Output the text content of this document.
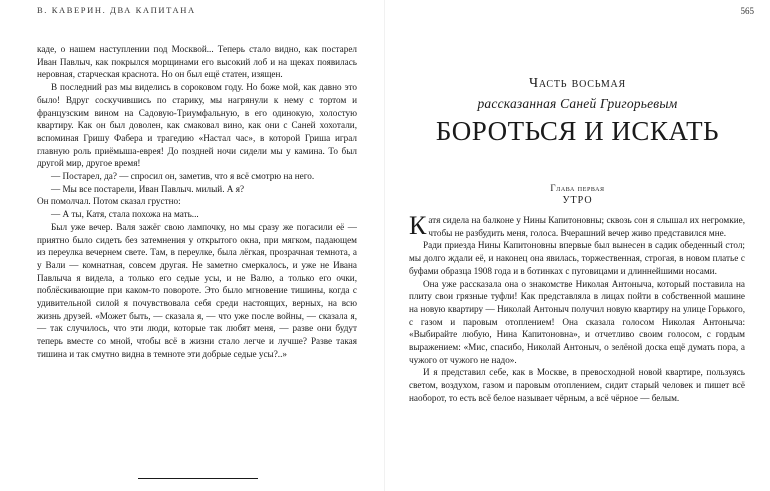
В. КАВЕРИН. ДВА КАПИТАНА

каде, о нашем наступлении под Москвой... Теперь стало видно, как постарел Иван Павлыч, как покрылся морщинами его высокий лоб и на щеках появилась неровная, старческая краснота. Но он был ещё статен, изящен.

В последний раз мы виделись в сороковом году. Но боже мой, как давно это было! Вдруг соскучившись по старику, мы нагрянули к нему с тортом и французским вином на Садовую-Триумфальную, в его одинокую, холостую квартиру. Как он был доволен, как смаковал вино, как они с Саней хохотали, вспоминая Гришу Фабера и трагедию «Настал час», в которой Гриша играл главную роль приёмыша-еврея! До поздней ночи сидели мы у камина. То был другой мир, другое время!

— Постарел, да? — спросил он, заметив, что я всё смотрю на него.

— Мы все постарели, Иван Павлыч. милый. А я?

Он помолчал. Потом сказал грустно:

— А ты, Катя, стала похожа на мать...

Был уже вечер. Валя зажёг свою лампочку, но мы сразу же погасили её — приятно было сидеть без затемнения у открытого окна, при мягком, падающем из переулка вечернем свете. Там, в переулке, была лёгкая, прозрачная темнота, а у Вали — комнатная, совсем другая. Не заметно смеркалось, и уже не Ивана Павлыча я видела, а только его седые усы, и не Валю, а только его очки, поблёскивающие при каком-то повороте. Это было мгновение тишины, когда с удивительной силой я почувствовала себя среди настоящих, верных, на всю жизнь друзей. «Может быть, — сказала я, — что уже после войны, — сказала я, — так случилось, что эти люди, которые так любят меня, — разве они будут теперь вместе со мной, чтобы всё в жизни стало легче и лучше? Разве такая тишина и так смутно видна в темноте эти добрые седые усы?..»

565
Часть восьмая
рассказанная Саней Григорьевым
БОРОТЬСЯ И ИСКАТЬ
Глава первая
УТРО

Катя сидела на балконе у Нины Капитоновны; сквозь сон я слышал их негромкие, чтобы не разбудить меня, голоса. Вчерашний вечер живо представился мне.

Ради приезда Нины Капитоновны впервые был вынесен в садик обеденный стол; мы долго ждали её, и наконец она явилась, торжественная, строгая, в новом платье с буфами образца 1908 года и в ботинках с пуговицами и длиннейшими носами.

Она уже рассказала она о знакомстве Николая Антоныча, который поставила на плиту свои грязные туфли! Как представляла в лицах пойти в собственной машине на новую квартиру — Николай Антоныч получил новую квартиру на улице Горького, с газом и паровым отоплением! Она сказала голосом Николая Антоныча: «Выбирайте любую, Нина Капитоновна», и отчетливо своим голосом, с гордым выражением: «Мис, спасибо, Николай Антоныч, о зелёной доска ещё думать пора, а чужого от чужого не надо».

И я представил себе, как в Москве, в превосходной новой квартире, пользуясь светом, воздухом, газом и паровым отоплением, сидит старый человек и пишет всё наоборот, то есть всё белое называет чёрным, а всё чёрное — белым.
